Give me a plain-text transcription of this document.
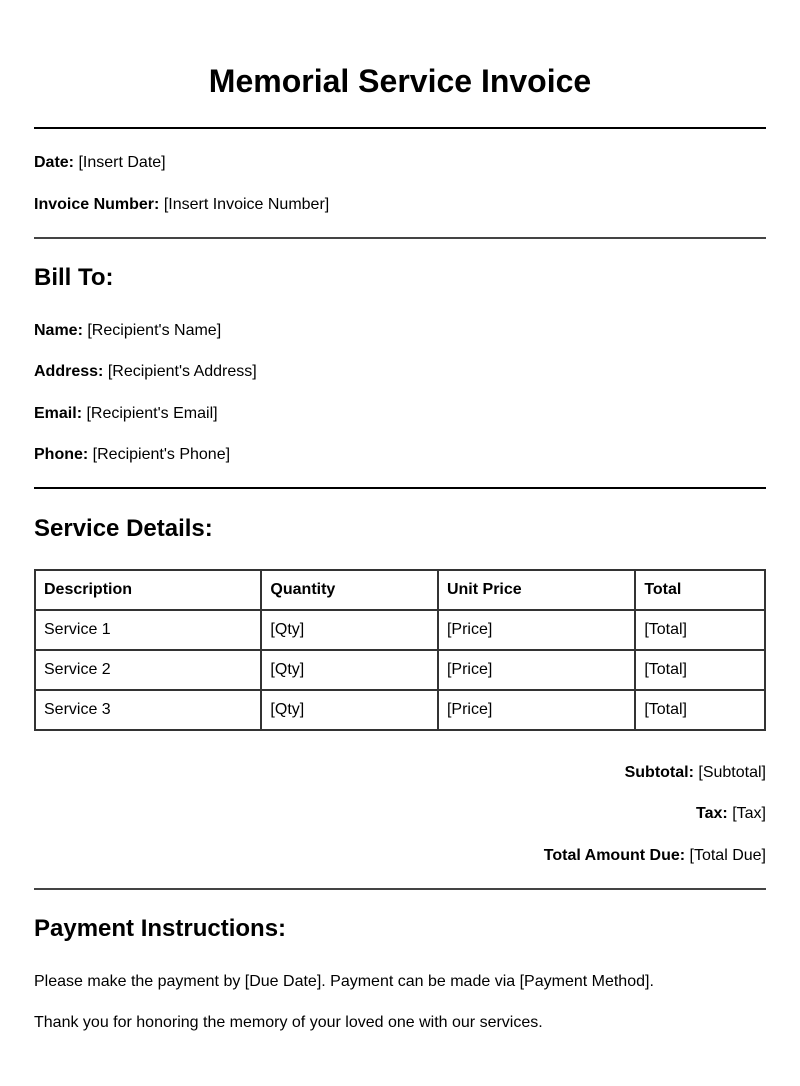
Memorial Service Invoice
Date: [Insert Date]
Invoice Number: [Insert Invoice Number]
Bill To:
Name: [Recipient's Name]
Address: [Recipient's Address]
Email: [Recipient's Email]
Phone: [Recipient's Phone]
Service Details:
Description	Quantity	Unit Price	Total
Service 1	[Qty]	[Price]	[Total]
Service 2	[Qty]	[Price]	[Total]
Service 3	[Qty]	[Price]	[Total]
Subtotal: [Subtotal]
Tax: [Tax]
Total Amount Due: [Total Due]
Payment Instructions:
Please make the payment by [Due Date]. Payment can be made via [Payment Method].
Thank you for honoring the memory of your loved one with our services.
